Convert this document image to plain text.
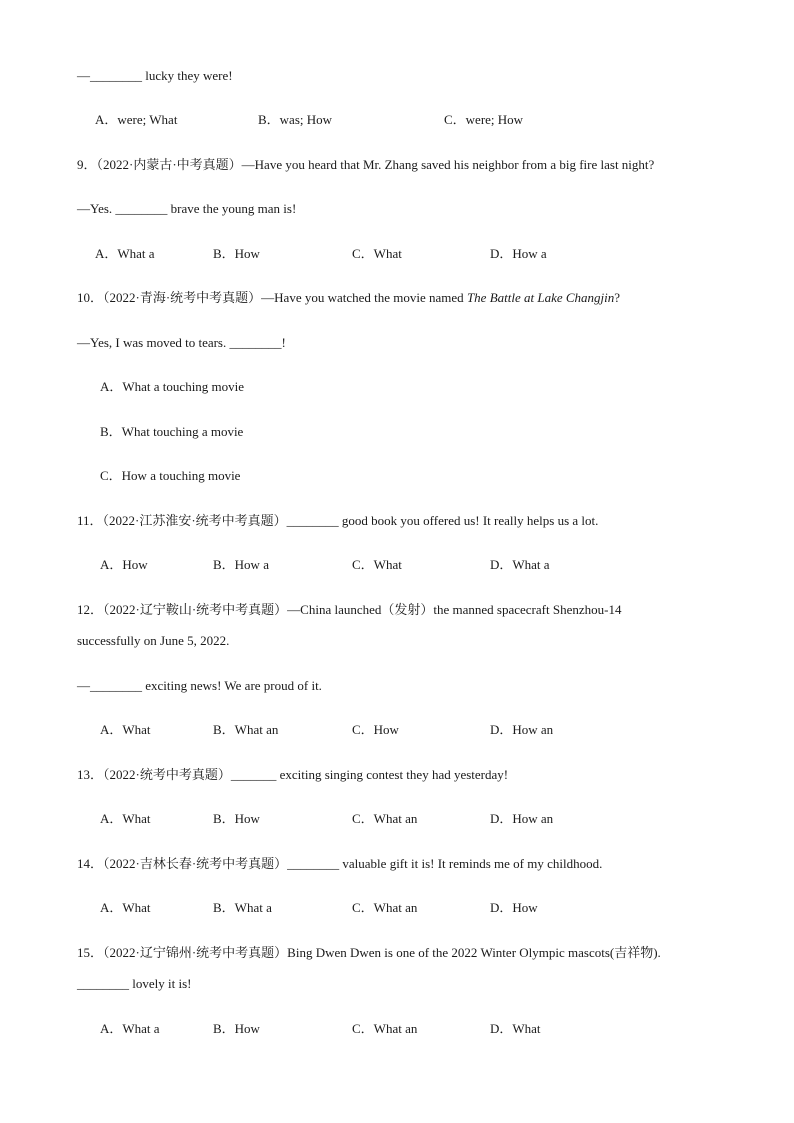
—________ lucky they were!
A．were; What	B．was; How	C．were; How
9．（2022·内蒙古·中考真题）—Have you heard that Mr. Zhang saved his neighbor from a big fire last night?
—Yes. ________ brave the young man is!
A．What a	B．How	C．What	D．How a
10．（2022·青海·统考中考真题）—Have you watched the movie named The Battle at Lake Changjin?
—Yes, I was moved to tears. ________!
A．What a touching movie
B．What touching a movie
C．How a touching movie
11．（2022·江苏淮安·统考中考真题）________ good book you offered us! It really helps us a lot.
A．How	B．How a	C．What	D．What a
12．（2022·辽宁鞍山·统考中考真题）—China launched（发射）the manned spacecraft Shenzhou-14
successfully on June 5, 2022.
—________ exciting news! We are proud of it.
A．What	B．What an	C．How	D．How an
13．（2022·统考中考真题）_______ exciting singing contest they had yesterday!
A．What	B．How	C．What an	D．How an
14．（2022·吉林长春·统考中考真题）________ valuable gift it is! It reminds me of my childhood.
A．What	B．What a	C．What an	D．How
15．（2022·辽宁锦州·统考中考真题）Bing Dwen Dwen is one of the 2022 Winter Olympic mascots(吉祥物).
________ lovely it is!
A．What a	B．How	C．What an	D．What
